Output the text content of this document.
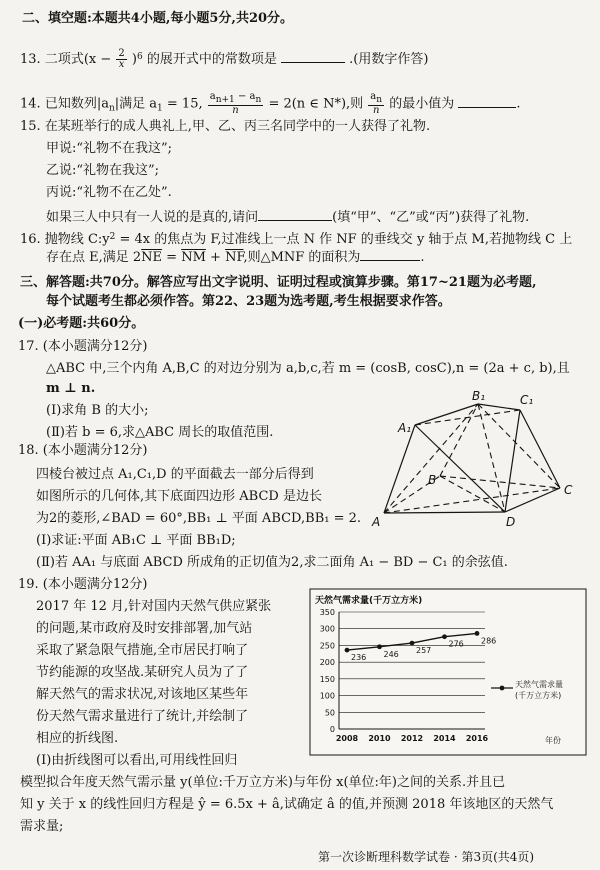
二、填空题:本题共4小题,每小题5分,共20分。
13. 二项式$(x - \frac{2}{x} )^6$ 的展开式中的常数项是	.(用数字作答)
14. 已知数列$|a_n|$满足 $a_1 = 15$, $\frac{an+1 - an}{n} = 2(n$ ∈ N*),则 $\frac{an}{n}$ 的最小值为	.
15. 在某班举行的成人典礼上,甲、乙、丙三名同学中的一人获得了礼物.
甲说:“礼物不在我这”;
乙说:“礼物在我这”;
丙说:“礼物不在乙处”.
如果三人中只有一人说的是真的,请问	(填“甲”、“乙”或“丙”)获得了礼物.
16. 抛物线 $C:y^2 = 4x$ 的焦点为 F,过准线上一点 N 作 NF 的垂线交 y 轴于点 M,若抛物线 C 上
存在点 E,满足 $2\overline{NE} = \overline{NM} + \overline{NF}$,则△MNF 的面积为	.
三、解答题:共70分。解答应写出文字说明、证明过程或演算步骤。第17~21题为必考题,
每个试题考生都必须作答。第22、23题为选考题,考生根据要求作答。
(一)必考题:共60分。
17. (本小题满分12分)
△ABC 中,三个内角 A,B,C 的对边分别为 a,b,c,若 m = (cosB, cosC),n = (2a + c, b),且
m ⊥ n.
(Ⅰ)求角 B 的大小;
(Ⅱ)若 b = 6,求△ABC 周长的取值范围.
18. (本小题满分12分)
四棱台被过点 A₁,C₁,D 的平面截去一部分后得到
如图所示的几何体,其下底面四边形 ABCD 是边长
为2的菱形,∠BAD = 60°,BB₁ ⊥ 平面 ABCD,BB₁ = 2.
(Ⅰ)求证:平面 AB₁C ⊥ 平面 BB₁D;
(Ⅱ)若 AA₁ 与底面 ABCD 所成角的正切值为2,求二面角 A₁ − BD − C₁ 的余弦值.
A₁
B₁	C₁
A
B
C
D
19. (本小题满分12分)
2017 年 12 月,针对国内天然气供应紧张
的问题,某市政府及时安排部署,加气站
采取了紧急限气措施,全市居民打响了
节约能源的攻坚战.某研究人员为了了
解天然气的需求状况,对该地区某些年
份天然气需求量进行了统计,并绘制了
相应的折线图.
(Ⅰ)由折线图可以看出,可用线性回归
模型拟合年度天然气需示量 y(单位:千万立方米)与年份 x(单位:年)之间的关系.并且已
知 y 关于 x 的线性回归方程是 ŷ = 6.5x + â,试确定 â 的值,并预测 2018 年该地区的天然气
需求量;
天然气需求量(千万立方米)
0
50
100
150
200
250
300
350
2008 2010 2012 2014 2016
236 246 257
276 286
年份
天然气需求量
(千万立方米)
第一次诊断理科数学试卷 · 第3页(共4页)
